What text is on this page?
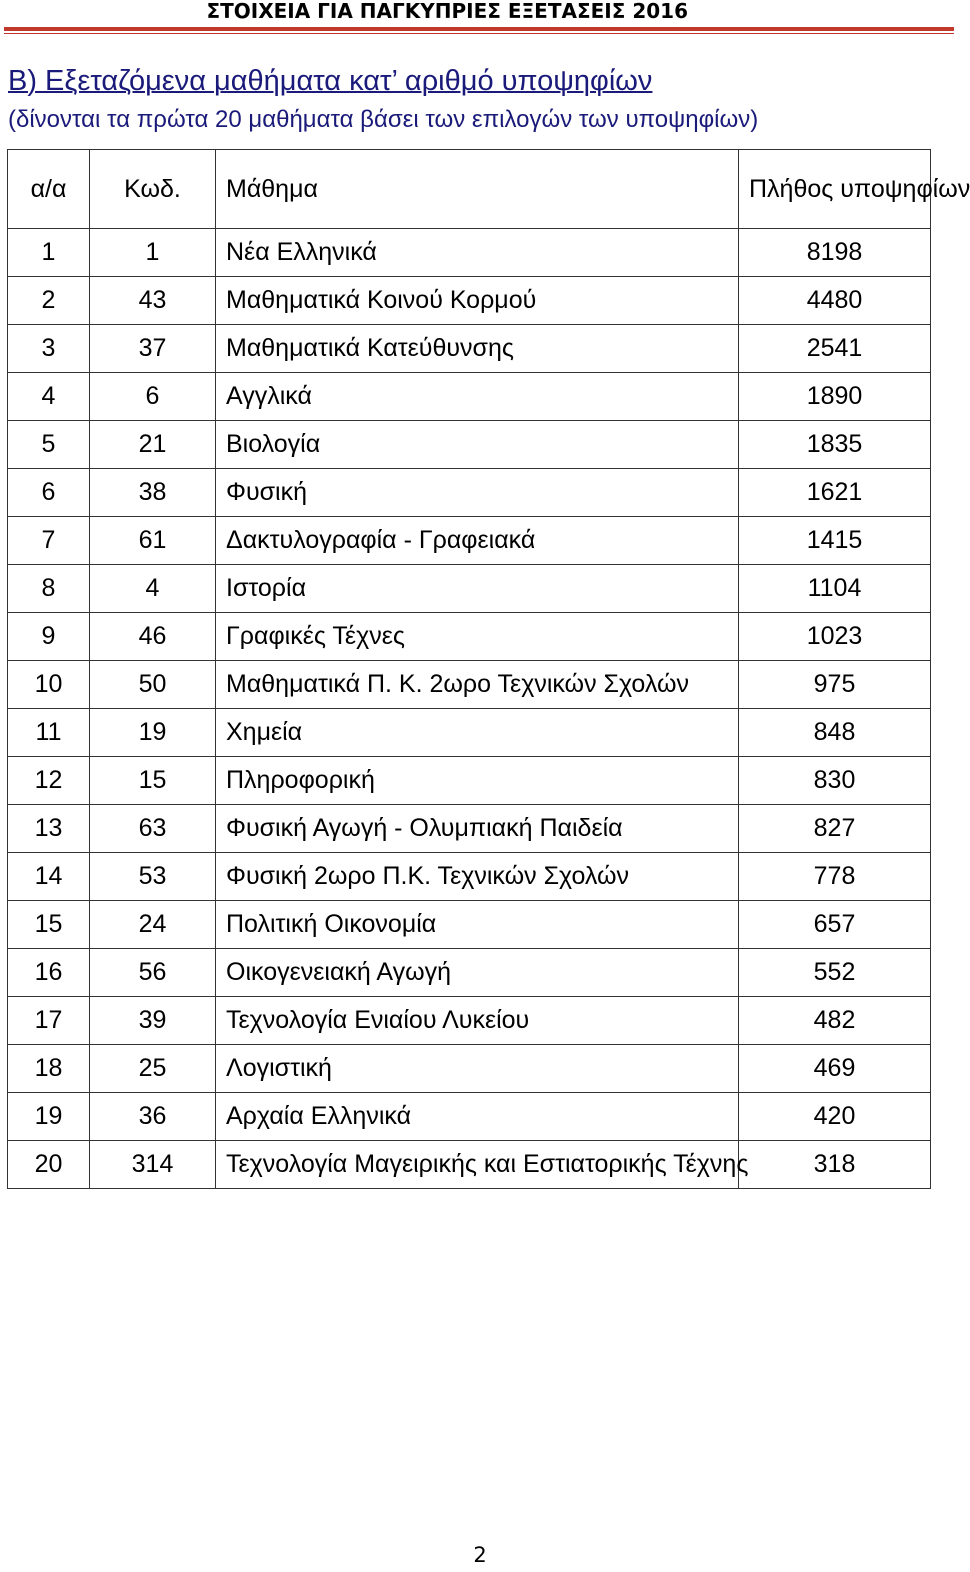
ΣΤΟΙΧΕΙΑ ΓΙΑ ΠΑΓΚΥΠΡΙΕΣ ΕΞΕΤΑΣΕΙΣ 2016
Β) Εξεταζόμενα μαθήματα κατ’ αριθμό υποψηφίων
(δίνονται τα πρώτα 20 μαθήματα βάσει των επιλογών των υποψηφίων)
α/α	Κωδ.	Μάθημα	Πλήθος υποψηφίων
1	1	Νέα Ελληνικά	8198
2	43	Μαθηματικά Κοινού Κορμού	4480
3	37	Μαθηματικά Κατεύθυνσης	2541
4	6	Αγγλικά	1890
5	21	Βιολογία	1835
6	38	Φυσική	1621
7	61	Δακτυλογραφία - Γραφειακά	1415
8	4	Ιστορία	1104
9	46	Γραφικές Τέχνες	1023
10	50	Μαθηματικά Π. Κ. 2ωρο Τεχνικών Σχολών	975
11	19	Χημεία	848
12	15	Πληροφορική	830
13	63	Φυσική Αγωγή - Ολυμπιακή Παιδεία	827
14	53	Φυσική 2ωρο Π.Κ. Τεχνικών Σχολών	778
15	24	Πολιτική Οικονομία	657
16	56	Οικογενειακή Αγωγή	552
17	39	Τεχνολογία Ενιαίου Λυκείου	482
18	25	Λογιστική	469
19	36	Αρχαία Ελληνικά	420
20	314	Τεχνολογία Μαγειρικής και Εστιατορικής Τέχνης	318
2
